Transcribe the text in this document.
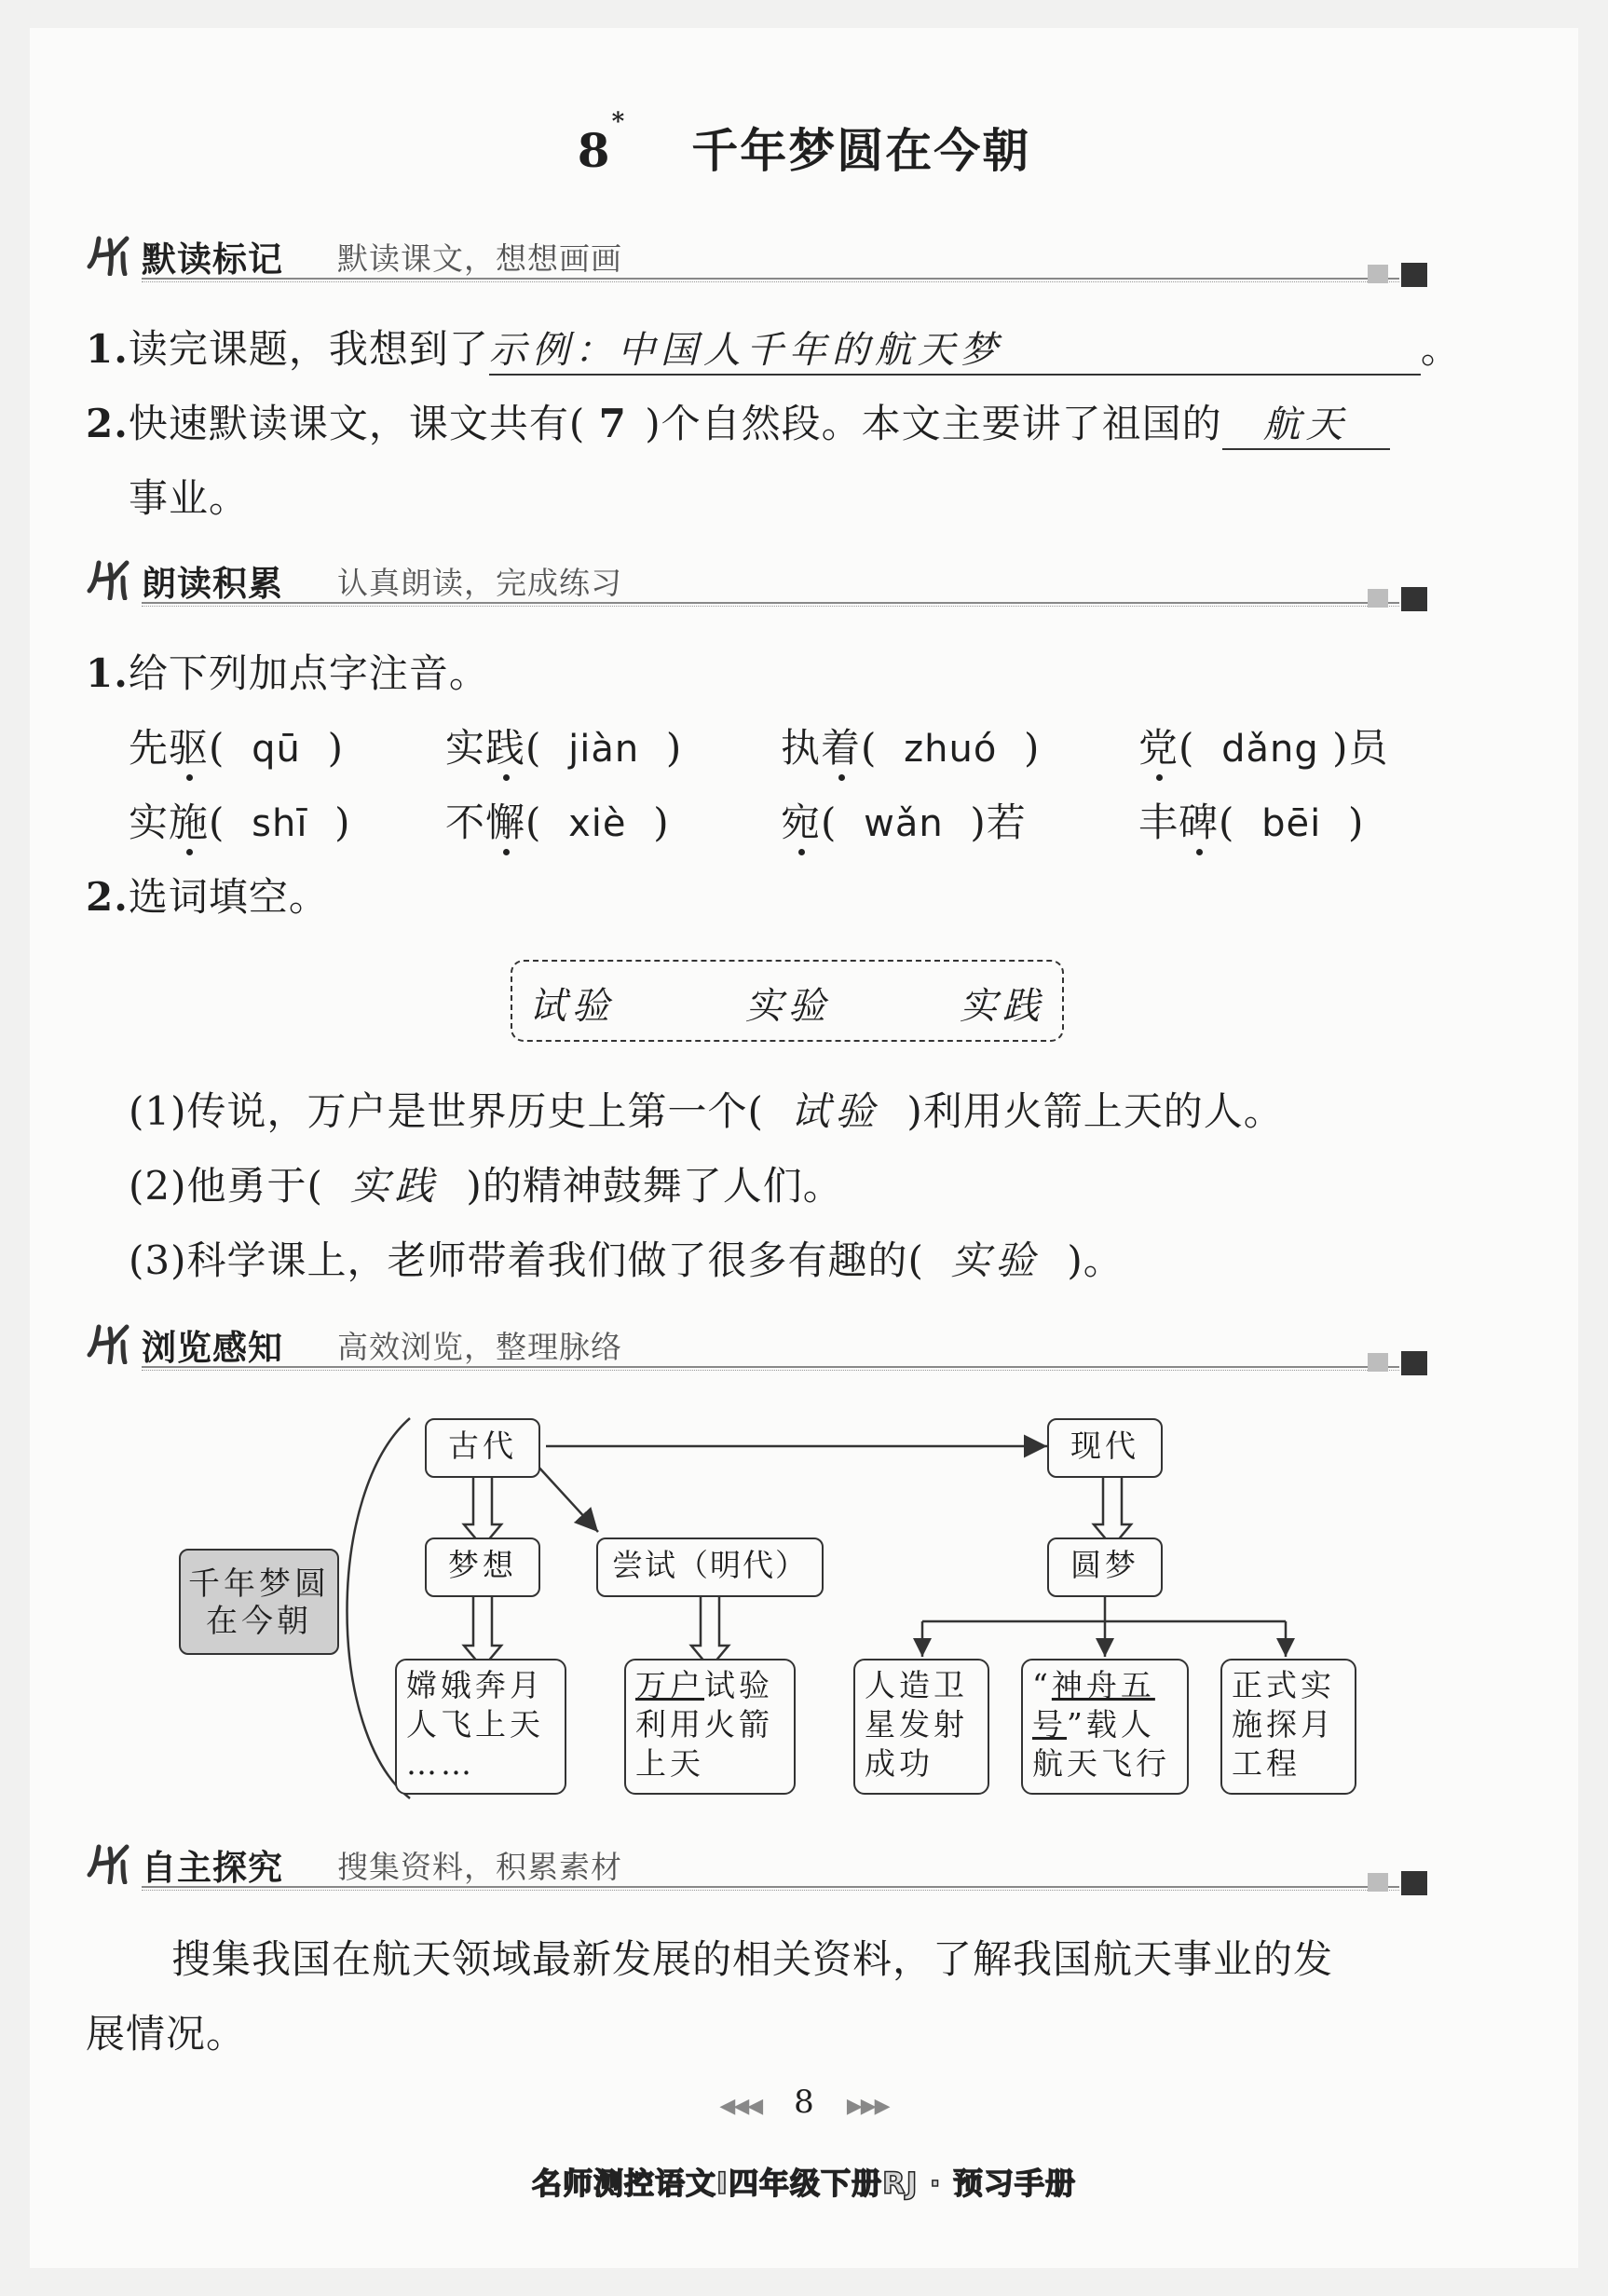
8*千年梦圆在今朝
默读标记 默读课文，想想画画
1.读完课题，我想到了示例：中国人千年的航天梦	。
2.快速默读课文，课文共有( 7 )个自然段。本文主要讲了祖国的 航天
事业。
朗读积累 认真朗读，完成练习
1.给下列加点字注音。
先驱(  qū  )	实践(  jiàn  )	执着(  zhuó  )	党(  dǎng )员
实施(  shī  ) 不懈(  xiè  )	宛(  wǎn  )若	丰碑(  bēi  )
2.选词填空。
试验	实验	实践
(1)传说，万户是世界历史上第一个( 试验 )利用火箭上天的人。
(2)他勇于( 实践 )的精神鼓舞了人们。
(3)科学课上，老师带着我们做了很多有趣的( 实验 )。
浏览感知 高效浏览，整理脉络
千年梦圆
在今朝
古代	现代
梦想	尝试（明代）	圆梦
嫦娥奔月
人飞上天
……
万户试验
利用火箭
上天
人造卫
星发射
成功
“神舟五
号”载人
航天飞行
正式实
施探月
工程
自主探究 搜集资料，积累素材
搜集我国在航天领域最新发展的相关资料，了解我国航天事业的发
展情况。
◀◀◀ 8 ▶▶▶
名师测控语文Ⅰ四年级下册RJ · 预习手册
